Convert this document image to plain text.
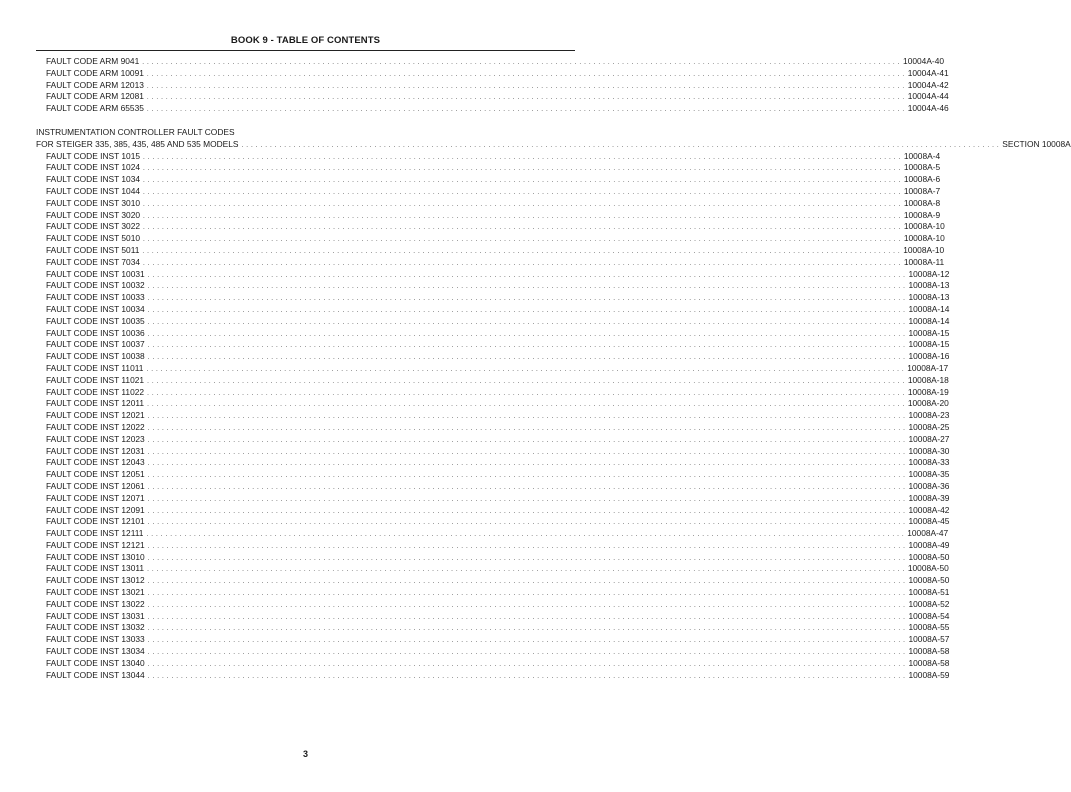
BOOK 9 - TABLE OF CONTENTS
FAULT CODE ARM 9041 . . . . . . . . . . . . . . . . . . . . . . . . . . . . . . . . . . . . . . . . . . . . . . . . . . . . . . . . . . . . . . . . . . . . . . . . . . . . . . . . . . . . . . . . . . . . . . . . . . . . . . . . . . . . . . . . . . . . . . . . . . . . . . . . . . . . . . . . . . . . . . . . . . . . . . . . . . . . . . . . 10004A-40
FAULT CODE ARM 10091 . . . . . . . . . . . . . . . . . . . . . . . . . . . . . . . . . . . . . . . . . . . . . . . . . . . . . . . . . . . . . . . . . . . . . . . . . . . . . . . . . . . . . . . . . . . . . . . . . . . . . . . . . . . . . . . . . . . . . . . . . . . . . . . . . . . . . . . . . . . . . . . . . . . . . . . . . . . . . . . . 10004A-41
FAULT CODE ARM 12013 . . . . . . . . . . . . . . . . . . . . . . . . . . . . . . . . . . . . . . . . . . . . . . . . . . . . . . . . . . . . . . . . . . . . . . . . . . . . . . . . . . . . . . . . . . . . . . . . . . . . . . . . . . . . . . . . . . . . . . . . . . . . . . . . . . . . . . . . . . . . . . . . . . . . . . . . . . . . . . . . 10004A-42
FAULT CODE ARM 12081 . . . . . . . . . . . . . . . . . . . . . . . . . . . . . . . . . . . . . . . . . . . . . . . . . . . . . . . . . . . . . . . . . . . . . . . . . . . . . . . . . . . . . . . . . . . . . . . . . . . . . . . . . . . . . . . . . . . . . . . . . . . . . . . . . . . . . . . . . . . . . . . . . . . . . . . . . . . . . . . . 10004A-44
FAULT CODE ARM 65535 . . . . . . . . . . . . . . . . . . . . . . . . . . . . . . . . . . . . . . . . . . . . . . . . . . . . . . . . . . . . . . . . . . . . . . . . . . . . . . . . . . . . . . . . . . . . . . . . . . . . . . . . . . . . . . . . . . . . . . . . . . . . . . . . . . . . . . . . . . . . . . . . . . . . . . . . . . . . . . . . 10004A-46
INSTRUMENTATION CONTROLLER FAULT CODES
FOR STEIGER 335, 385, 435, 485 AND 535 MODELS . . . . . . . . . . . . . . . . . . . . . . . . . . . . . . . . . . . . . . . . . . . . . . . . . . . . . . . . . . . . . . . . . . . . . . . . . . . . . . . . . . . . . . . . . . . . . . . . . . . . . . . . . . . . . . . . . . . . . . . . . . . . . . . . . . . . . . . . . . . . . . . . . . . . . . . . . . . . . . . . SECTION 10008A
FAULT CODE INST 1015 . . . . . . . . . . . . . . . . . . . . . . . . . . . . . . . . . . . . . . . . . . . . . . . . . . . . . . . . . . . . . . . . . . . . . . . . . . . . . . . . . . . . . . . . . . . . . . . . . . . . . . . . . . . . . . . . . . . . . . . . . . . . . . . . . . . . . . . . . . . . . . . . . . . . . . . . . . . . . . . . 10008A-4
FAULT CODE INST 1024 . . . . . . . . . . . . . . . . . . . . . . . . . . . . . . . . . . . . . . . . . . . . . . . . . . . . . . . . . . . . . . . . . . . . . . . . . . . . . . . . . . . . . . . . . . . . . . . . . . . . . . . . . . . . . . . . . . . . . . . . . . . . . . . . . . . . . . . . . . . . . . . . . . . . . . . . . . . . . . . . 10008A-5
FAULT CODE INST 1034 . . . . . . . . . . . . . . . . . . . . . . . . . . . . . . . . . . . . . . . . . . . . . . . . . . . . . . . . . . . . . . . . . . . . . . . . . . . . . . . . . . . . . . . . . . . . . . . . . . . . . . . . . . . . . . . . . . . . . . . . . . . . . . . . . . . . . . . . . . . . . . . . . . . . . . . . . . . . . . . . 10008A-6
FAULT CODE INST 1044 . . . . . . . . . . . . . . . . . . . . . . . . . . . . . . . . . . . . . . . . . . . . . . . . . . . . . . . . . . . . . . . . . . . . . . . . . . . . . . . . . . . . . . . . . . . . . . . . . . . . . . . . . . . . . . . . . . . . . . . . . . . . . . . . . . . . . . . . . . . . . . . . . . . . . . . . . . . . . . . . 10008A-7
FAULT CODE INST 3010 . . . . . . . . . . . . . . . . . . . . . . . . . . . . . . . . . . . . . . . . . . . . . . . . . . . . . . . . . . . . . . . . . . . . . . . . . . . . . . . . . . . . . . . . . . . . . . . . . . . . . . . . . . . . . . . . . . . . . . . . . . . . . . . . . . . . . . . . . . . . . . . . . . . . . . . . . . . . . . . . 10008A-8
FAULT CODE INST 3020 . . . . . . . . . . . . . . . . . . . . . . . . . . . . . . . . . . . . . . . . . . . . . . . . . . . . . . . . . . . . . . . . . . . . . . . . . . . . . . . . . . . . . . . . . . . . . . . . . . . . . . . . . . . . . . . . . . . . . . . . . . . . . . . . . . . . . . . . . . . . . . . . . . . . . . . . . . . . . . . . 10008A-9
FAULT CODE INST 3022 . . . . . . . . . . . . . . . . . . . . . . . . . . . . . . . . . . . . . . . . . . . . . . . . . . . . . . . . . . . . . . . . . . . . . . . . . . . . . . . . . . . . . . . . . . . . . . . . . . . . . . . . . . . . . . . . . . . . . . . . . . . . . . . . . . . . . . . . . . . . . . . . . . . . . . . . . . . . . . . . 10008A-10
FAULT CODE INST 5010 . . . . . . . . . . . . . . . . . . . . . . . . . . . . . . . . . . . . . . . . . . . . . . . . . . . . . . . . . . . . . . . . . . . . . . . . . . . . . . . . . . . . . . . . . . . . . . . . . . . . . . . . . . . . . . . . . . . . . . . . . . . . . . . . . . . . . . . . . . . . . . . . . . . . . . . . . . . . . . . . 10008A-10
FAULT CODE INST 5011 . . . . . . . . . . . . . . . . . . . . . . . . . . . . . . . . . . . . . . . . . . . . . . . . . . . . . . . . . . . . . . . . . . . . . . . . . . . . . . . . . . . . . . . . . . . . . . . . . . . . . . . . . . . . . . . . . . . . . . . . . . . . . . . . . . . . . . . . . . . . . . . . . . . . . . . . . . . . . . . . 10008A-10
FAULT CODE INST 7034 . . . . . . . . . . . . . . . . . . . . . . . . . . . . . . . . . . . . . . . . . . . . . . . . . . . . . . . . . . . . . . . . . . . . . . . . . . . . . . . . . . . . . . . . . . . . . . . . . . . . . . . . . . . . . . . . . . . . . . . . . . . . . . . . . . . . . . . . . . . . . . . . . . . . . . . . . . . . . . . . 10008A-11
FAULT CODE INST 10031 . . . . . . . . . . . . . . . . . . . . . . . . . . . . . . . . . . . . . . . . . . . . . . . . . . . . . . . . . . . . . . . . . . . . . . . . . . . . . . . . . . . . . . . . . . . . . . . . . . . . . . . . . . . . . . . . . . . . . . . . . . . . . . . . . . . . . . . . . . . . . . . . . . . . . . . . . . . . . . . . 10008A-12
FAULT CODE INST 10032 . . . . . . . . . . . . . . . . . . . . . . . . . . . . . . . . . . . . . . . . . . . . . . . . . . . . . . . . . . . . . . . . . . . . . . . . . . . . . . . . . . . . . . . . . . . . . . . . . . . . . . . . . . . . . . . . . . . . . . . . . . . . . . . . . . . . . . . . . . . . . . . . . . . . . . . . . . . . . . . . 10008A-13
FAULT CODE INST 10033 . . . . . . . . . . . . . . . . . . . . . . . . . . . . . . . . . . . . . . . . . . . . . . . . . . . . . . . . . . . . . . . . . . . . . . . . . . . . . . . . . . . . . . . . . . . . . . . . . . . . . . . . . . . . . . . . . . . . . . . . . . . . . . . . . . . . . . . . . . . . . . . . . . . . . . . . . . . . . . . . 10008A-13
FAULT CODE INST 10034 . . . . . . . . . . . . . . . . . . . . . . . . . . . . . . . . . . . . . . . . . . . . . . . . . . . . . . . . . . . . . . . . . . . . . . . . . . . . . . . . . . . . . . . . . . . . . . . . . . . . . . . . . . . . . . . . . . . . . . . . . . . . . . . . . . . . . . . . . . . . . . . . . . . . . . . . . . . . . . . . 10008A-14
FAULT CODE INST 10035 . . . . . . . . . . . . . . . . . . . . . . . . . . . . . . . . . . . . . . . . . . . . . . . . . . . . . . . . . . . . . . . . . . . . . . . . . . . . . . . . . . . . . . . . . . . . . . . . . . . . . . . . . . . . . . . . . . . . . . . . . . . . . . . . . . . . . . . . . . . . . . . . . . . . . . . . . . . . . . . . 10008A-14
FAULT CODE INST 10036 . . . . . . . . . . . . . . . . . . . . . . . . . . . . . . . . . . . . . . . . . . . . . . . . . . . . . . . . . . . . . . . . . . . . . . . . . . . . . . . . . . . . . . . . . . . . . . . . . . . . . . . . . . . . . . . . . . . . . . . . . . . . . . . . . . . . . . . . . . . . . . . . . . . . . . . . . . . . . . . . 10008A-15
FAULT CODE INST 10037 . . . . . . . . . . . . . . . . . . . . . . . . . . . . . . . . . . . . . . . . . . . . . . . . . . . . . . . . . . . . . . . . . . . . . . . . . . . . . . . . . . . . . . . . . . . . . . . . . . . . . . . . . . . . . . . . . . . . . . . . . . . . . . . . . . . . . . . . . . . . . . . . . . . . . . . . . . . . . . . . 10008A-15
FAULT CODE INST 10038 . . . . . . . . . . . . . . . . . . . . . . . . . . . . . . . . . . . . . . . . . . . . . . . . . . . . . . . . . . . . . . . . . . . . . . . . . . . . . . . . . . . . . . . . . . . . . . . . . . . . . . . . . . . . . . . . . . . . . . . . . . . . . . . . . . . . . . . . . . . . . . . . . . . . . . . . . . . . . . . . 10008A-16
FAULT CODE INST 11011 . . . . . . . . . . . . . . . . . . . . . . . . . . . . . . . . . . . . . . . . . . . . . . . . . . . . . . . . . . . . . . . . . . . . . . . . . . . . . . . . . . . . . . . . . . . . . . . . . . . . . . . . . . . . . . . . . . . . . . . . . . . . . . . . . . . . . . . . . . . . . . . . . . . . . . . . . . . . . . . . 10008A-17
FAULT CODE INST 11021 . . . . . . . . . . . . . . . . . . . . . . . . . . . . . . . . . . . . . . . . . . . . . . . . . . . . . . . . . . . . . . . . . . . . . . . . . . . . . . . . . . . . . . . . . . . . . . . . . . . . . . . . . . . . . . . . . . . . . . . . . . . . . . . . . . . . . . . . . . . . . . . . . . . . . . . . . . . . . . . . 10008A-18
FAULT CODE INST 11022 . . . . . . . . . . . . . . . . . . . . . . . . . . . . . . . . . . . . . . . . . . . . . . . . . . . . . . . . . . . . . . . . . . . . . . . . . . . . . . . . . . . . . . . . . . . . . . . . . . . . . . . . . . . . . . . . . . . . . . . . . . . . . . . . . . . . . . . . . . . . . . . . . . . . . . . . . . . . . . . . 10008A-19
FAULT CODE INST 12011 . . . . . . . . . . . . . . . . . . . . . . . . . . . . . . . . . . . . . . . . . . . . . . . . . . . . . . . . . . . . . . . . . . . . . . . . . . . . . . . . . . . . . . . . . . . . . . . . . . . . . . . . . . . . . . . . . . . . . . . . . . . . . . . . . . . . . . . . . . . . . . . . . . . . . . . . . . . . . . . . 10008A-20
FAULT CODE INST 12021 . . . . . . . . . . . . . . . . . . . . . . . . . . . . . . . . . . . . . . . . . . . . . . . . . . . . . . . . . . . . . . . . . . . . . . . . . . . . . . . . . . . . . . . . . . . . . . . . . . . . . . . . . . . . . . . . . . . . . . . . . . . . . . . . . . . . . . . . . . . . . . . . . . . . . . . . . . . . . . . . 10008A-23
FAULT CODE INST 12022 . . . . . . . . . . . . . . . . . . . . . . . . . . . . . . . . . . . . . . . . . . . . . . . . . . . . . . . . . . . . . . . . . . . . . . . . . . . . . . . . . . . . . . . . . . . . . . . . . . . . . . . . . . . . . . . . . . . . . . . . . . . . . . . . . . . . . . . . . . . . . . . . . . . . . . . . . . . . . . . . 10008A-25
FAULT CODE INST 12023 . . . . . . . . . . . . . . . . . . . . . . . . . . . . . . . . . . . . . . . . . . . . . . . . . . . . . . . . . . . . . . . . . . . . . . . . . . . . . . . . . . . . . . . . . . . . . . . . . . . . . . . . . . . . . . . . . . . . . . . . . . . . . . . . . . . . . . . . . . . . . . . . . . . . . . . . . . . . . . . . 10008A-27
FAULT CODE INST 12031 . . . . . . . . . . . . . . . . . . . . . . . . . . . . . . . . . . . . . . . . . . . . . . . . . . . . . . . . . . . . . . . . . . . . . . . . . . . . . . . . . . . . . . . . . . . . . . . . . . . . . . . . . . . . . . . . . . . . . . . . . . . . . . . . . . . . . . . . . . . . . . . . . . . . . . . . . . . . . . . . 10008A-30
FAULT CODE INST 12043 . . . . . . . . . . . . . . . . . . . . . . . . . . . . . . . . . . . . . . . . . . . . . . . . . . . . . . . . . . . . . . . . . . . . . . . . . . . . . . . . . . . . . . . . . . . . . . . . . . . . . . . . . . . . . . . . . . . . . . . . . . . . . . . . . . . . . . . . . . . . . . . . . . . . . . . . . . . . . . . . 10008A-33
FAULT CODE INST 12051 . . . . . . . . . . . . . . . . . . . . . . . . . . . . . . . . . . . . . . . . . . . . . . . . . . . . . . . . . . . . . . . . . . . . . . . . . . . . . . . . . . . . . . . . . . . . . . . . . . . . . . . . . . . . . . . . . . . . . . . . . . . . . . . . . . . . . . . . . . . . . . . . . . . . . . . . . . . . . . . . 10008A-35
FAULT CODE INST 12061 . . . . . . . . . . . . . . . . . . . . . . . . . . . . . . . . . . . . . . . . . . . . . . . . . . . . . . . . . . . . . . . . . . . . . . . . . . . . . . . . . . . . . . . . . . . . . . . . . . . . . . . . . . . . . . . . . . . . . . . . . . . . . . . . . . . . . . . . . . . . . . . . . . . . . . . . . . . . . . . . 10008A-36
FAULT CODE INST 12071 . . . . . . . . . . . . . . . . . . . . . . . . . . . . . . . . . . . . . . . . . . . . . . . . . . . . . . . . . . . . . . . . . . . . . . . . . . . . . . . . . . . . . . . . . . . . . . . . . . . . . . . . . . . . . . . . . . . . . . . . . . . . . . . . . . . . . . . . . . . . . . . . . . . . . . . . . . . . . . . . 10008A-39
FAULT CODE INST 12091 . . . . . . . . . . . . . . . . . . . . . . . . . . . . . . . . . . . . . . . . . . . . . . . . . . . . . . . . . . . . . . . . . . . . . . . . . . . . . . . . . . . . . . . . . . . . . . . . . . . . . . . . . . . . . . . . . . . . . . . . . . . . . . . . . . . . . . . . . . . . . . . . . . . . . . . . . . . . . . . . 10008A-42
FAULT CODE INST 12101 . . . . . . . . . . . . . . . . . . . . . . . . . . . . . . . . . . . . . . . . . . . . . . . . . . . . . . . . . . . . . . . . . . . . . . . . . . . . . . . . . . . . . . . . . . . . . . . . . . . . . . . . . . . . . . . . . . . . . . . . . . . . . . . . . . . . . . . . . . . . . . . . . . . . . . . . . . . . . . . . 10008A-45
FAULT CODE INST 12111 . . . . . . . . . . . . . . . . . . . . . . . . . . . . . . . . . . . . . . . . . . . . . . . . . . . . . . . . . . . . . . . . . . . . . . . . . . . . . . . . . . . . . . . . . . . . . . . . . . . . . . . . . . . . . . . . . . . . . . . . . . . . . . . . . . . . . . . . . . . . . . . . . . . . . . . . . . . . . . . . 10008A-47
FAULT CODE INST 12121 . . . . . . . . . . . . . . . . . . . . . . . . . . . . . . . . . . . . . . . . . . . . . . . . . . . . . . . . . . . . . . . . . . . . . . . . . . . . . . . . . . . . . . . . . . . . . . . . . . . . . . . . . . . . . . . . . . . . . . . . . . . . . . . . . . . . . . . . . . . . . . . . . . . . . . . . . . . . . . . . 10008A-49
FAULT CODE INST 13010 . . . . . . . . . . . . . . . . . . . . . . . . . . . . . . . . . . . . . . . . . . . . . . . . . . . . . . . . . . . . . . . . . . . . . . . . . . . . . . . . . . . . . . . . . . . . . . . . . . . . . . . . . . . . . . . . . . . . . . . . . . . . . . . . . . . . . . . . . . . . . . . . . . . . . . . . . . . . . . . . 10008A-50
FAULT CODE INST 13011 . . . . . . . . . . . . . . . . . . . . . . . . . . . . . . . . . . . . . . . . . . . . . . . . . . . . . . . . . . . . . . . . . . . . . . . . . . . . . . . . . . . . . . . . . . . . . . . . . . . . . . . . . . . . . . . . . . . . . . . . . . . . . . . . . . . . . . . . . . . . . . . . . . . . . . . . . . . . . . . . 10008A-50
FAULT CODE INST 13012 . . . . . . . . . . . . . . . . . . . . . . . . . . . . . . . . . . . . . . . . . . . . . . . . . . . . . . . . . . . . . . . . . . . . . . . . . . . . . . . . . . . . . . . . . . . . . . . . . . . . . . . . . . . . . . . . . . . . . . . . . . . . . . . . . . . . . . . . . . . . . . . . . . . . . . . . . . . . . . . . 10008A-50
FAULT CODE INST 13021 . . . . . . . . . . . . . . . . . . . . . . . . . . . . . . . . . . . . . . . . . . . . . . . . . . . . . . . . . . . . . . . . . . . . . . . . . . . . . . . . . . . . . . . . . . . . . . . . . . . . . . . . . . . . . . . . . . . . . . . . . . . . . . . . . . . . . . . . . . . . . . . . . . . . . . . . . . . . . . . . 10008A-51
FAULT CODE INST 13022 . . . . . . . . . . . . . . . . . . . . . . . . . . . . . . . . . . . . . . . . . . . . . . . . . . . . . . . . . . . . . . . . . . . . . . . . . . . . . . . . . . . . . . . . . . . . . . . . . . . . . . . . . . . . . . . . . . . . . . . . . . . . . . . . . . . . . . . . . . . . . . . . . . . . . . . . . . . . . . . . 10008A-52
FAULT CODE INST 13031 . . . . . . . . . . . . . . . . . . . . . . . . . . . . . . . . . . . . . . . . . . . . . . . . . . . . . . . . . . . . . . . . . . . . . . . . . . . . . . . . . . . . . . . . . . . . . . . . . . . . . . . . . . . . . . . . . . . . . . . . . . . . . . . . . . . . . . . . . . . . . . . . . . . . . . . . . . . . . . . . 10008A-54
FAULT CODE INST 13032 . . . . . . . . . . . . . . . . . . . . . . . . . . . . . . . . . . . . . . . . . . . . . . . . . . . . . . . . . . . . . . . . . . . . . . . . . . . . . . . . . . . . . . . . . . . . . . . . . . . . . . . . . . . . . . . . . . . . . . . . . . . . . . . . . . . . . . . . . . . . . . . . . . . . . . . . . . . . . . . . 10008A-55
FAULT CODE INST 13033 . . . . . . . . . . . . . . . . . . . . . . . . . . . . . . . . . . . . . . . . . . . . . . . . . . . . . . . . . . . . . . . . . . . . . . . . . . . . . . . . . . . . . . . . . . . . . . . . . . . . . . . . . . . . . . . . . . . . . . . . . . . . . . . . . . . . . . . . . . . . . . . . . . . . . . . . . . . . . . . . 10008A-57
FAULT CODE INST 13034 . . . . . . . . . . . . . . . . . . . . . . . . . . . . . . . . . . . . . . . . . . . . . . . . . . . . . . . . . . . . . . . . . . . . . . . . . . . . . . . . . . . . . . . . . . . . . . . . . . . . . . . . . . . . . . . . . . . . . . . . . . . . . . . . . . . . . . . . . . . . . . . . . . . . . . . . . . . . . . . . 10008A-58
FAULT CODE INST 13040 . . . . . . . . . . . . . . . . . . . . . . . . . . . . . . . . . . . . . . . . . . . . . . . . . . . . . . . . . . . . . . . . . . . . . . . . . . . . . . . . . . . . . . . . . . . . . . . . . . . . . . . . . . . . . . . . . . . . . . . . . . . . . . . . . . . . . . . . . . . . . . . . . . . . . . . . . . . . . . . . 10008A-58
FAULT CODE INST 13044 . . . . . . . . . . . . . . . . . . . . . . . . . . . . . . . . . . . . . . . . . . . . . . . . . . . . . . . . . . . . . . . . . . . . . . . . . . . . . . . . . . . . . . . . . . . . . . . . . . . . . . . . . . . . . . . . . . . . . . . . . . . . . . . . . . . . . . . . . . . . . . . . . . . . . . . . . . . . . . . . 10008A-59
3
